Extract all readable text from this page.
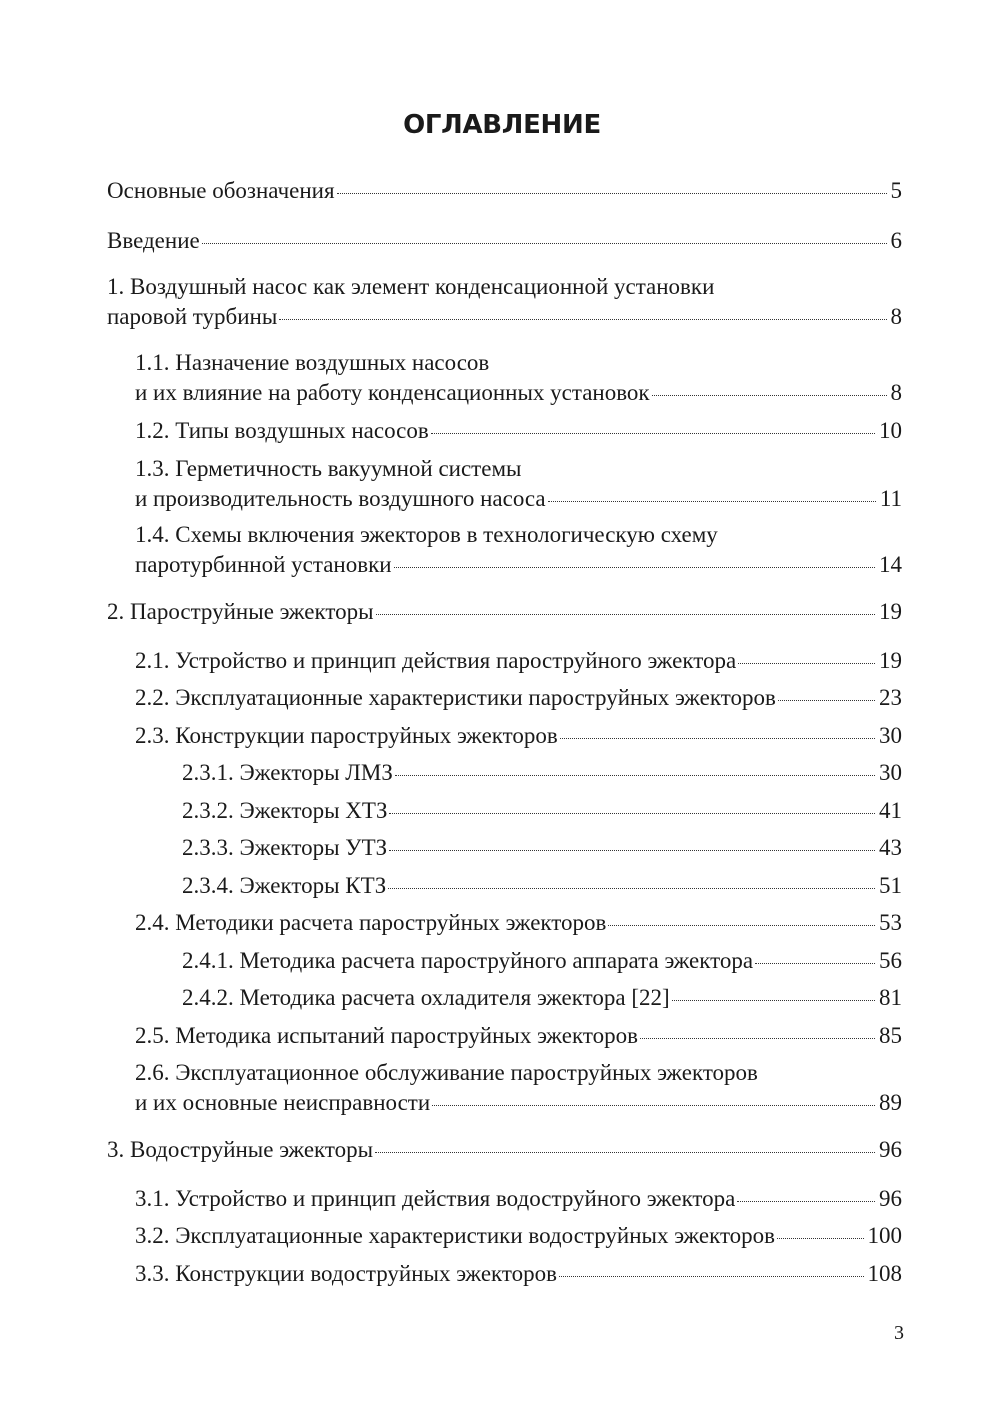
ОГЛАВЛЕНИЕ
Основные обозначения	5
Введение	6
1. Воздушный насос как элемент конденсационной установки
паровой турбины	8
1.1. Назначение воздушных насосов
и их влияние на работу конденсационных установок	8
1.2. Типы воздушных насосов	10
1.3. Герметичность вакуумной системы
и производительность воздушного насоса	11
1.4. Схемы включения эжекторов в технологическую схему
паротурбинной установки	14
2. Пароструйные эжекторы	19
2.1. Устройство и принцип действия пароструйного эжектора	19
2.2. Эксплуатационные характеристики пароструйных эжекторов	23
2.3. Конструкции пароструйных эжекторов	30
2.3.1. Эжекторы ЛМЗ	30
2.3.2. Эжекторы ХТЗ	41
2.3.3. Эжекторы УТЗ	43
2.3.4. Эжекторы КТЗ	51
2.4. Методики расчета пароструйных эжекторов	53
2.4.1. Методика расчета пароструйного аппарата эжектора	56
2.4.2. Методика расчета охладителя эжектора [22]	81
2.5. Методика испытаний пароструйных эжекторов	85
2.6. Эксплуатационное обслуживание пароструйных эжекторов
и их основные неисправности	89
3. Водоструйные эжекторы	96
3.1. Устройство и принцип действия водоструйного эжектора	96
3.2. Эксплуатационные характеристики водоструйных эжекторов	100
3.3. Конструкции водоструйных эжекторов	108
3
